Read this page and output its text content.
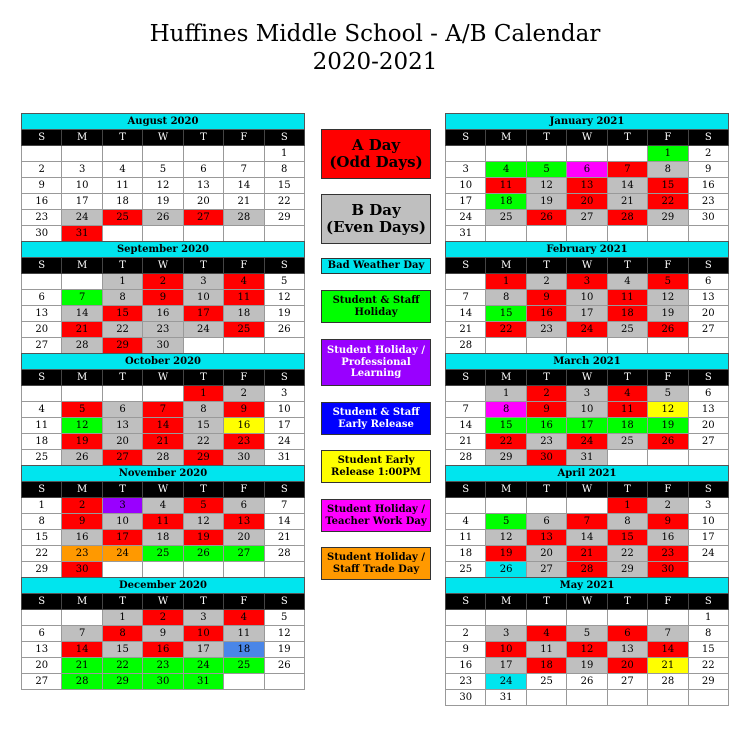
Huffines Middle School - A/B Calendar
2020-2021
August 2020						
S	M	T	W	T	F	S
						1
2	3	4	5	6	7	8
9	10	11	12	13	14	15
16	17	18	19	20	21	22
23	24	25	26	27	28	29
30	31					
September 2020						
S	M	T	W	T	F	S
		1	2	3	4	5
6	7	8	9	10	11	12
13	14	15	16	17	18	19
20	21	22	23	24	25	26
27	28	29	30			
October 2020						
S	M	T	W	T	F	S
				1	2	3
4	5	6	7	8	9	10
11	12	13	14	15	16	17
18	19	20	21	22	23	24
25	26	27	28	29	30	31
November 2020						
S	M	T	W	T	F	S
1	2	3	4	5	6	7
8	9	10	11	12	13	14
15	16	17	18	19	20	21
22	23	24	25	26	27	28
29	30					
December 2020						
S	M	T	W	T	F	S
		1	2	3	4	5
6	7	8	9	10	11	12
13	14	15	16	17	18	19
20	21	22	23	24	25	26
27	28	29	30	31		
January 2021						
S	M	T	W	T	F	S
					1	2
3	4	5	6	7	8	9
10	11	12	13	14	15	16
17	18	19	20	21	22	23
24	25	26	27	28	29	30
31						
February 2021						
S	M	T	W	T	F	S
	1	2	3	4	5	6
7	8	9	10	11	12	13
14	15	16	17	18	19	20
21	22	23	24	25	26	27
28						
March 2021						
S	M	T	W	T	F	S
	1	2	3	4	5	6
7	8	9	10	11	12	13
14	15	16	17	18	19	20
21	22	23	24	25	26	27
28	29	30	31			
April 2021						
S	M	T	W	T	F	S
				1	2	3
4	5	6	7	8	9	10
11	12	13	14	15	16	17
18	19	20	21	22	23	24
25	26	27	28	29	30	
May 2021						
S	M	T	W	T	F	S
						1
2	3	4	5	6	7	8
9	10	11	12	13	14	15
16	17	18	19	20	21	22
23	24	25	26	27	28	29
30	31					
A Day
(Odd Days)
B Day
(Even Days)
Bad Weather Day
Student & Staff
Holiday
Student Holiday /
Professional
Learning
Student & Staff
Early Release
Student Early
Release 1:00PM
Student Holiday /
Teacher Work Day
Student Holiday /
Staff Trade Day
